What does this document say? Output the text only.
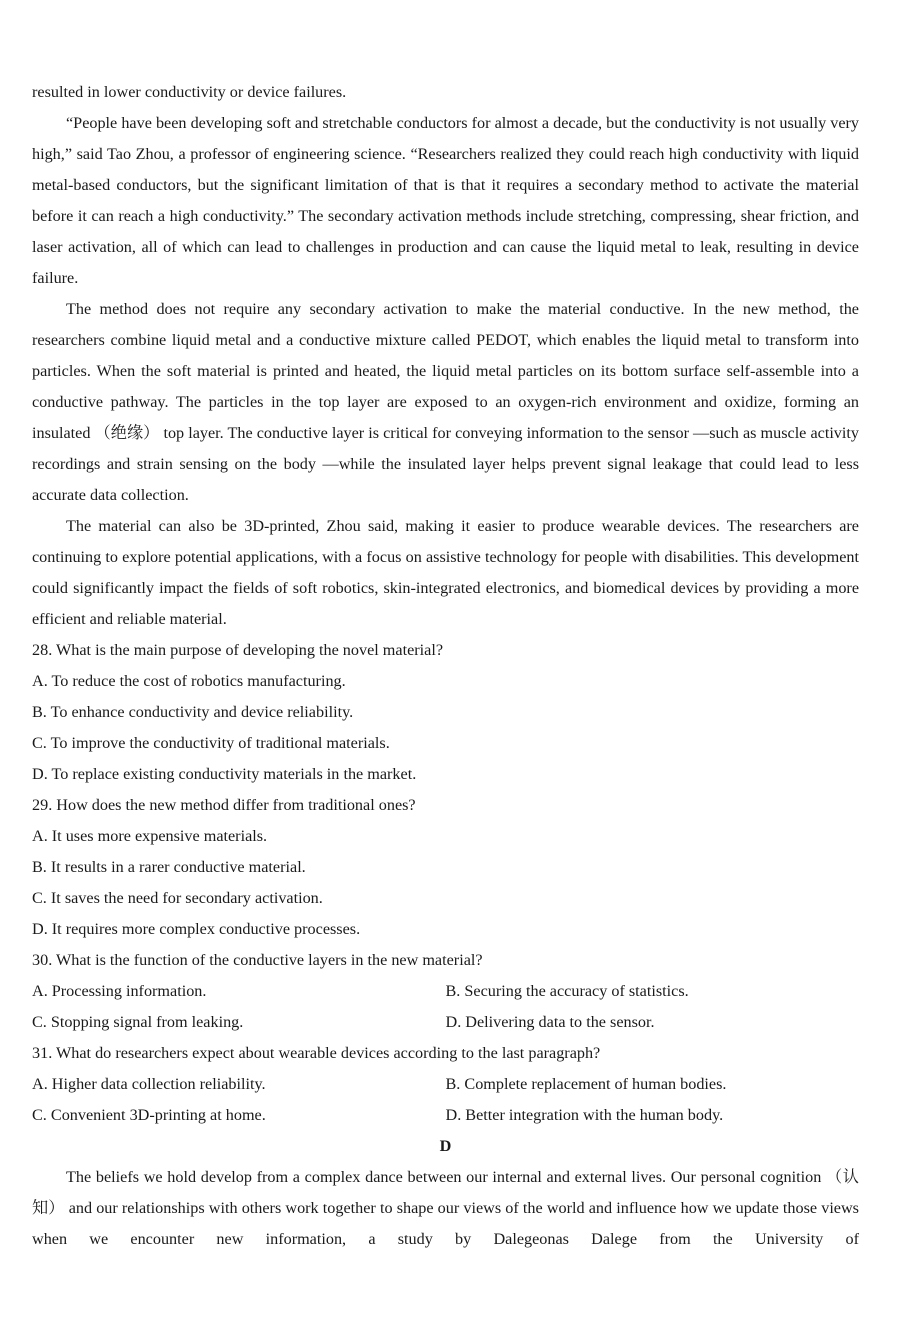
resulted in lower conductivity or device failures.

“People have been developing soft and stretchable conductors for almost a decade, but the conductivity is not usually very high,” said Tao Zhou, a professor of engineering science. “Researchers realized they could reach high conductivity with liquid metal-based conductors, but the significant limitation of that is that it requires a secondary method to activate the material before it can reach a high conductivity.” The secondary activation methods include stretching, compressing, shear friction, and laser activation, all of which can lead to challenges in production and can cause the liquid metal to leak, resulting in device failure.

The method does not require any secondary activation to make the material conductive. In the new method, the researchers combine liquid metal and a conductive mixture called PEDOT, which enables the liquid metal to transform into particles. When the soft material is printed and heated, the liquid metal particles on its bottom surface self-assemble into a conductive pathway. The particles in the top layer are exposed to an oxygen-rich environment and oxidize, forming an insulated （绝缘） top layer. The conductive layer is critical for conveying information to the sensor —such as muscle activity recordings and strain sensing on the body —while the insulated layer helps prevent signal leakage that could lead to less accurate data collection.

The material can also be 3D-printed, Zhou said, making it easier to produce wearable devices. The researchers are continuing to explore potential applications, with a focus on assistive technology for people with disabilities. This development could significantly impact the fields of soft robotics, skin-integrated electronics, and biomedical devices by providing a more efficient and reliable material.

28. What is the main purpose of developing the novel material?

A. To reduce the cost of robotics manufacturing.

B. To enhance conductivity and device reliability.

C. To improve the conductivity of traditional materials.

D. To replace existing conductivity materials in the market.

29. How does the new method differ from traditional ones?

A. It uses more expensive materials.

B. It results in a rarer conductive material.

C. It saves the need for secondary activation.

D. It requires more complex conductive processes.

30. What is the function of the conductive layers in the new material?

A. Processing information.	B. Securing the accuracy of statistics.
C. Stopping signal from leaking.	D. Delivering data to the sensor.

31. What do researchers expect about wearable devices according to the last paragraph?

A. Higher data collection reliability.	B. Complete replacement of human bodies.
C. Convenient 3D-printing at home.	D. Better integration with the human body.

D

The beliefs we hold develop from a complex dance between our internal and external lives. Our personal cognition （认知） and our relationships with others work together to shape our views of the world and influence how we update those views when we encounter new information, a study by Dalegeonas Dalege from the University of
